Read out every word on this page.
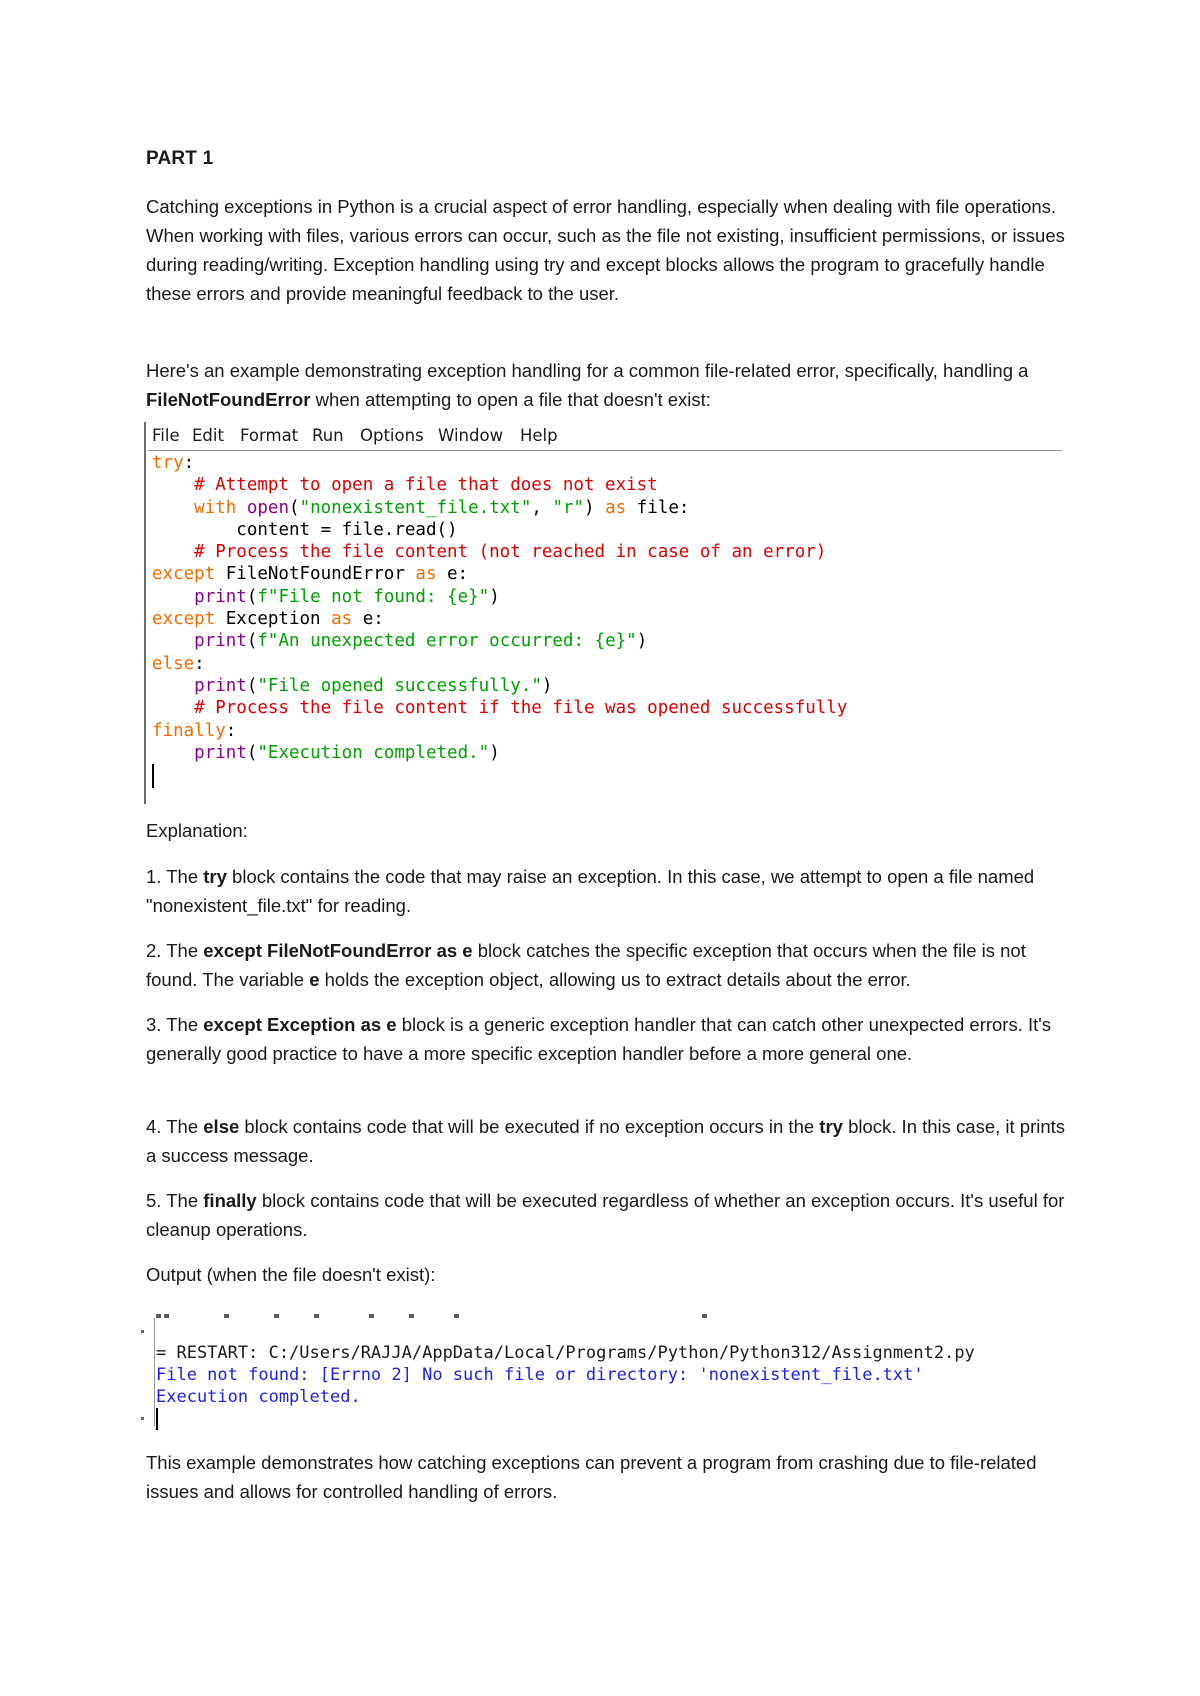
PART 1

Catching exceptions in Python is a crucial aspect of error handling, especially when dealing with file operations. When working with files, various errors can occur, such as the file not existing, insufficient permissions, or issues during reading/writing. Exception handling using try and except blocks allows the program to gracefully handle these errors and provide meaningful feedback to the user.

Here's an example demonstrating exception handling for a common file-related error, specifically, handling a FileNotFoundError when attempting to open a file that doesn't exist:

File Edit Format Run Options Window Help
try:
# Attempt to open a file that does not exist
with open("nonexistent_file.txt", "r") as file:
content = file.read()
# Process the file content (not reached in case of an error)
except FileNotFoundError as e:
print(f"File not found: {e}")
except Exception as e:
print(f"An unexpected error occurred: {e}")
else:
print("File opened successfully.")
# Process the file content if the file was opened successfully
finally:
print("Execution completed.")

Explanation:

1. The try block contains the code that may raise an exception. In this case, we attempt to open a file named "nonexistent_file.txt" for reading.

2. The except FileNotFoundError as e block catches the specific exception that occurs when the file is not found. The variable e holds the exception object, allowing us to extract details about the error.

3. The except Exception as e block is a generic exception handler that can catch other unexpected errors. It's generally good practice to have a more specific exception handler before a more general one.

4. The else block contains code that will be executed if no exception occurs in the try block. In this case, it prints a success message.

5. The finally block contains code that will be executed regardless of whether an exception occurs. It's useful for cleanup operations.

Output (when the file doesn't exist):

= RESTART: C:/Users/RAJJA/AppData/Local/Programs/Python/Python312/Assignment2.py
File not found: [Errno 2] No such file or directory: 'nonexistent_file.txt'
Execution completed.

This example demonstrates how catching exceptions can prevent a program from crashing due to file-related issues and allows for controlled handling of errors.
